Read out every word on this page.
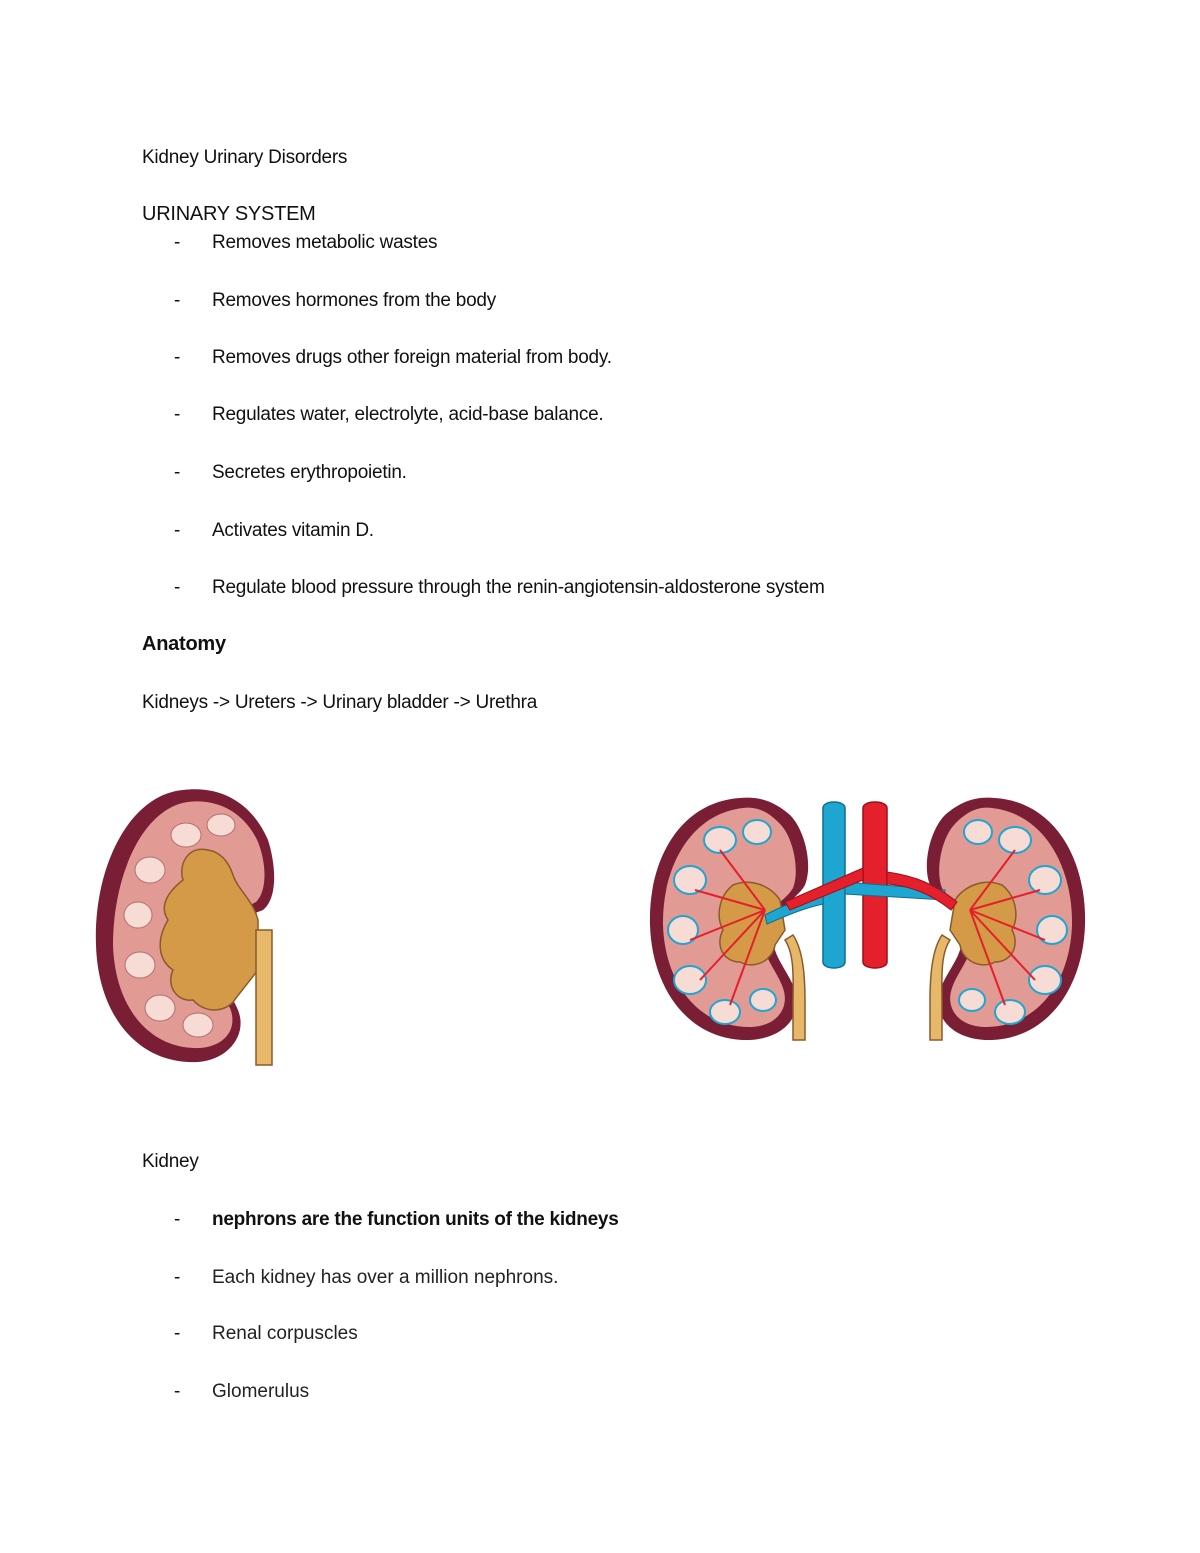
Kidney Urinary Disorders
URINARY SYSTEM
- Removes metabolic wastes
- Removes hormones from the body
- Removes drugs other foreign material from body.
- Regulates water, electrolyte, acid-base balance.
- Secretes erythropoietin.
- Activates vitamin D.
- Regulate blood pressure through the renin-angiotensin-aldosterone system
Anatomy
Kidneys -> Ureters -> Urinary bladder -> Urethra
Kidney
- nephrons are the function units of the kidneys
- Each kidney has over a million nephrons.
- Renal corpuscles
- Glomerulus
